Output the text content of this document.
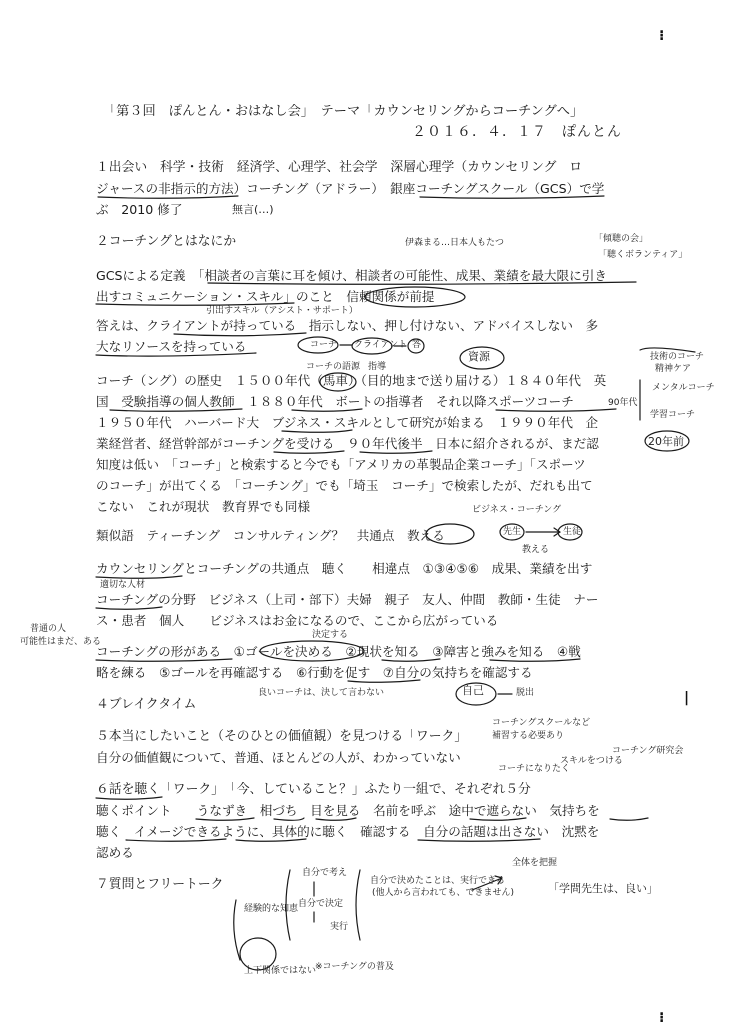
「第３回　ぽんとん・おはなし会」　テーマ「カウンセリングからコーチングへ」
２０１６．４．１７　ぽんとん
１出会い　科学・技術　経済学、心理学、社会学　深層心理学（カウンセリング　ロ
ジャースの非指示的方法）コーチング（アドラー）　銀座コーチングスクール（GCS）で学
ぶ　2010 修了
２コーチングとはなにか
GCSによる定義　「相談者の言葉に耳を傾け、相談者の可能性、成果、業績を最大限に引き
出すコミュニケーション・スキル」のこと　信頼関係が前提
答えは、クライアントが持っている　指示しない、押し付けない、アドバイスしない　多
大なリソースを持っている
コーチ（ング）の歴史　１５００年代（馬車）（目的地まで送り届ける）１８４０年代　英
国　受験指導の個人教師　１８８０年代　ボートの指導者　それ以降スポーツコーチ
１９５０年代　ハーバード大　ブジネス・スキルとして研究が始まる　１９９０年代　企
業経営者、経営幹部がコーチングを受ける　９０年代後半　日本に紹介されるが、まだ認
知度は低い　「コーチ」と検索すると今でも「アメリカの革製品企業コーチ」「スポーツ
のコーチ」が出てくる　「コーチング」でも「埼玉　コーチ」で検索したが、だれも出て
こない　これが現状　教育界でも同様
類似語　ティーチング　コンサルティング？　共通点　教える
カウンセリングとコーチングの共通点　聴く　　相違点　①③④⑤⑥　成果、業績を出す
コーチングの分野　ビジネス（上司・部下）夫婦　親子　友人、仲間　教師・生徒　ナー
ス・患者　個人　　ビジネスはお金になるので、ここから広がっている
コーチングの形がある　①ゴールを決める　②現状を知る　③障害と強みを知る　④戦
略を練る　⑤ゴールを再確認する　⑥行動を促す　⑦自分の気持ちを確認する
４ブレイクタイム
５本当にしたいこと（そのひとの価値観）を見つける「ワーク」
自分の価値観について、普通、ほとんどの人が、わかっていない
６話を聴く「ワーク」　「今、していること？」ふたり一組で、それぞれ５分
聴くポイント　　うなずき　相づち　目を見る　名前を呼ぶ　途中で遮らない　気持ちを
聴く　イメージできるように、具体的に聴く　確認する　自分の話題は出さない　沈黙を
認める
７質問とフリートーク
無言(…)
伊森まる…日本人もたつ	「傾聴の会」
「聴くボランティア」
引出すスキル（アシスト・サポート）
コーチ クライアント 答
資源
コーチの語源 指導
技術のコーチ
精神ケア
メンタルコーチ
学習コーチ
90年代
20年前
ビジネス・コーチング
先生	生徒
教える
適切な人材
普通の人
可能性はまだ、ある
決定する
自己	脱出
良いコーチは、決して言わない
コーチングスクールなど
補習する必要あり
コーチング研究会
コーチになりたく
スキルをつける
自分で考え
自分で決定
実行
自分で決めたことは、実行できる
(他人から言われても、できません)
全体を把握
「学問先生は、良い」
経験的な知恵
上下関係ではない
※コーチングの普及
⁝
|
⁝
